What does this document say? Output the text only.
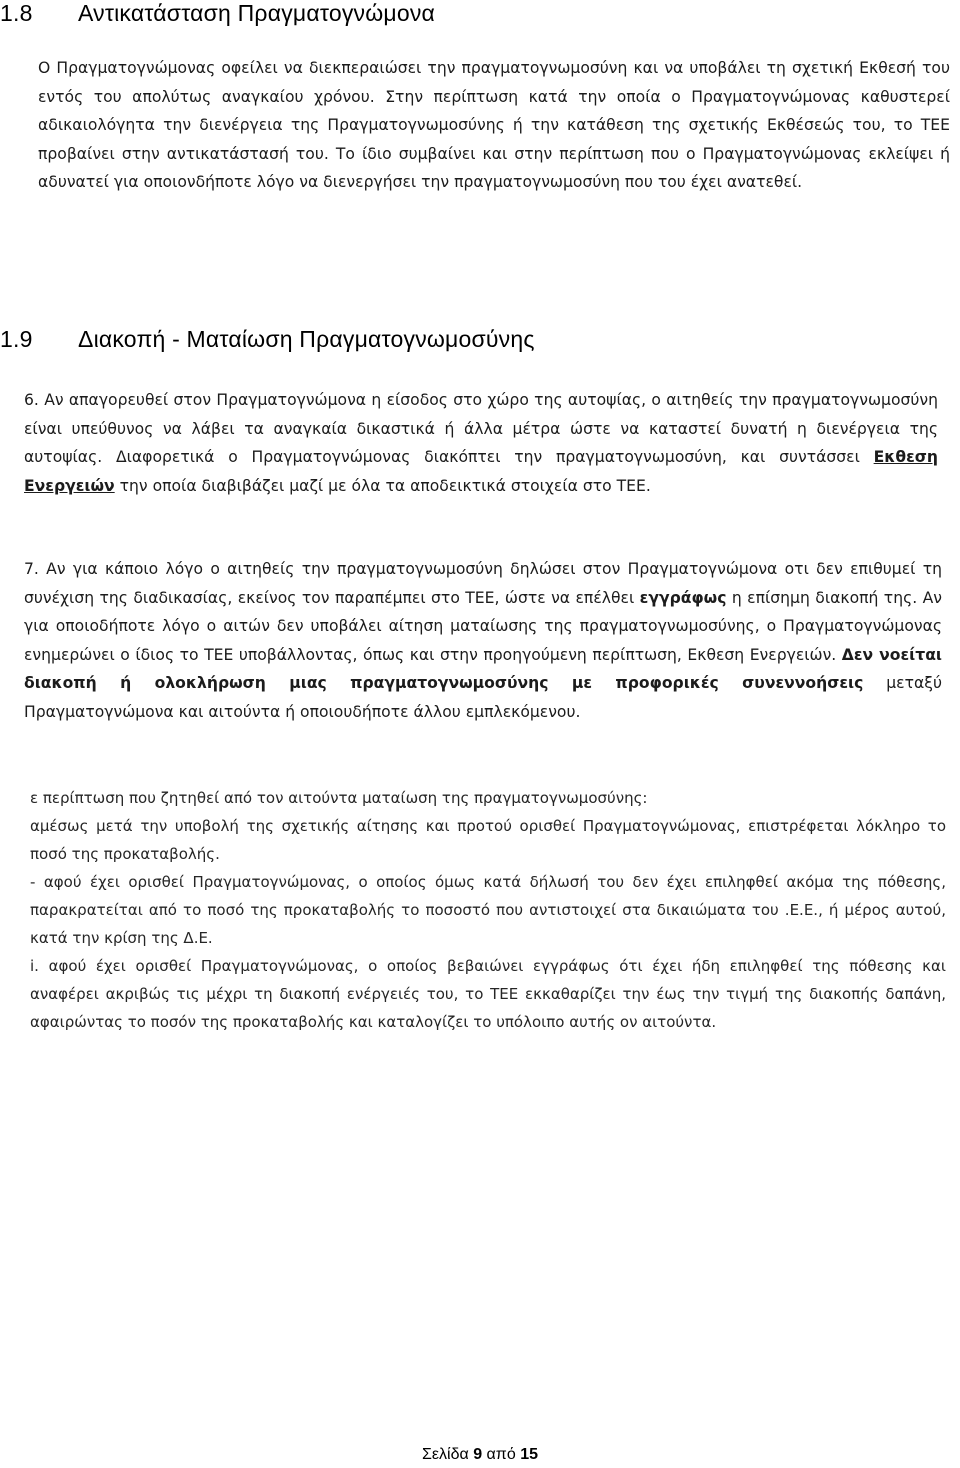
1.8 Αντικατάσταση Πραγματογνώμονα

Ο Πραγματογνώμονας οφείλει να διεκπεραιώσει την πραγματογνωμοσύνη και να υποβάλει τη σχετική Εκθεσή του εντός του απολύτως αναγκαίου χρόνου. Στην περίπτωση κατά την οποία ο Πραγματογνώμονας καθυστερεί αδικαιολόγητα την διενέργεια της Πραγματογνωμοσύνης ή την κατάθεση της σχετικής Εκθέσεώς του, το ΤΕΕ προβαίνει στην αντικατάστασή του. Το ίδιο συμβαίνει και στην περίπτωση που ο Πραγματογνώμονας εκλείψει ή αδυνατεί για οποιονδήποτε λόγο να διενεργήσει την πραγματογνωμοσύνη που του έχει ανατεθεί.

1.9 Διακοπή - Ματαίωση Πραγματογνωμοσύνης

6. Αν απαγορευθεί στον Πραγματογνώμονα η είσοδος στο χώρο της αυτοψίας, ο αιτηθείς την πραγματογνωμοσύνη είναι υπεύθυνος να λάβει τα αναγκαία δικαστικά ή άλλα μέτρα ώστε να καταστεί δυνατή η διενέργεια της αυτοψίας. Διαφορετικά ο Πραγματογνώμονας διακόπτει την πραγματογνωμοσύνη, και συντάσσει Εκθεση Ενεργειών την οποία διαβιβάζει μαζί με όλα τα αποδεικτικά στοιχεία στο ΤΕΕ.

7. Αν για κάποιο λόγο ο αιτηθείς την πραγματογνωμοσύνη δηλώσει στον Πραγματογνώμονα οτι δεν επιθυμεί τη συνέχιση της διαδικασίας, εκείνος τον παραπέμπει στο ΤΕΕ, ώστε να επέλθει εγγράφως η επίσημη διακοπή της. Αν για οποιοδήποτε λόγο ο αιτών δεν υποβάλει αίτηση ματαίωσης της πραγματογνωμοσύνης, ο Πραγματογνώμονας ενημερώνει ο ίδιος το ΤΕΕ υποβάλλοντας, όπως και στην προηγούμενη περίπτωση, Εκθεση Ενεργειών. Δεν νοείται διακοπή ή ολοκλήρωση μιας πραγματογνωμοσύνης με προφορικές συνεννοήσεις μεταξύ Πραγματογνώμονα και αιτούντα ή οποιουδήποτε άλλου εμπλεκόμενου.

ε περίπτωση που ζητηθεί από τον αιτούντα ματαίωση της πραγματογνωμοσύνης:

αμέσως μετά την υποβολή της σχετικής αίτησης και προτού ορισθεί Πραγματογνώμονας, επιστρέφεται λόκληρο το ποσό της προκαταβολής.

- αφού έχει ορισθεί Πραγματογνώμονας, ο οποίος όμως κατά δήλωσή του δεν έχει επιληφθεί ακόμα της πόθεσης, παρακρατείται από το ποσό της προκαταβολής το ποσοστό που αντιστοιχεί στα δικαιώματα του .Ε.Ε., ή μέρος αυτού, κατά την κρίση της Δ.Ε.

i. αφού έχει ορισθεί Πραγματογνώμονας, ο οποίος βεβαιώνει εγγράφως ότι έχει ήδη επιληφθεί της πόθεσης και αναφέρει ακριβώς τις μέχρι τη διακοπή ενέργειές του, το ΤΕΕ εκκαθαρίζει την έως την τιγμή της διακοπής δαπάνη, αφαιρώντας το ποσόν της προκαταβολής και καταλογίζει το υπόλοιπο αυτής ον αιτούντα.

Σελίδα 9 από 15
